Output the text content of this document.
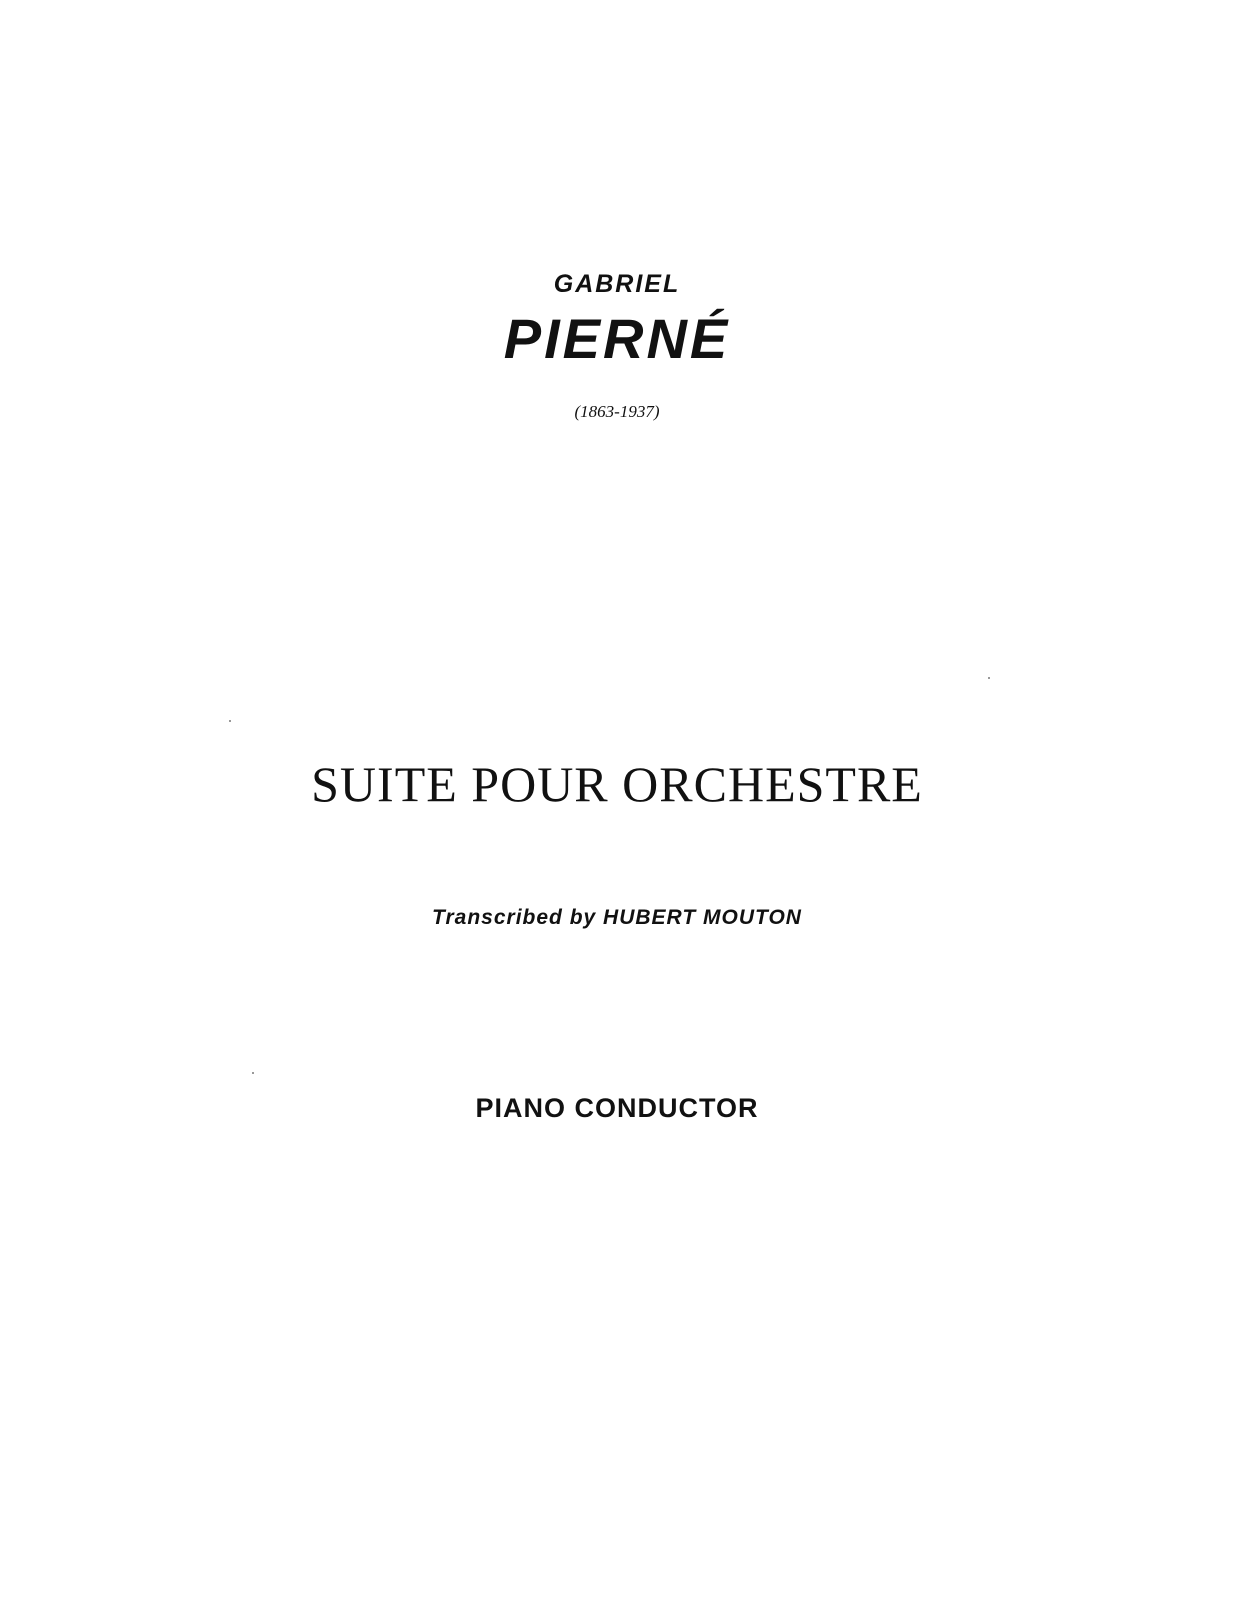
GABRIEL
PIERNÉ
(1863-1937)
SUITE POUR ORCHESTRE
Transcribed by HUBERT MOUTON
PIANO CONDUCTOR
